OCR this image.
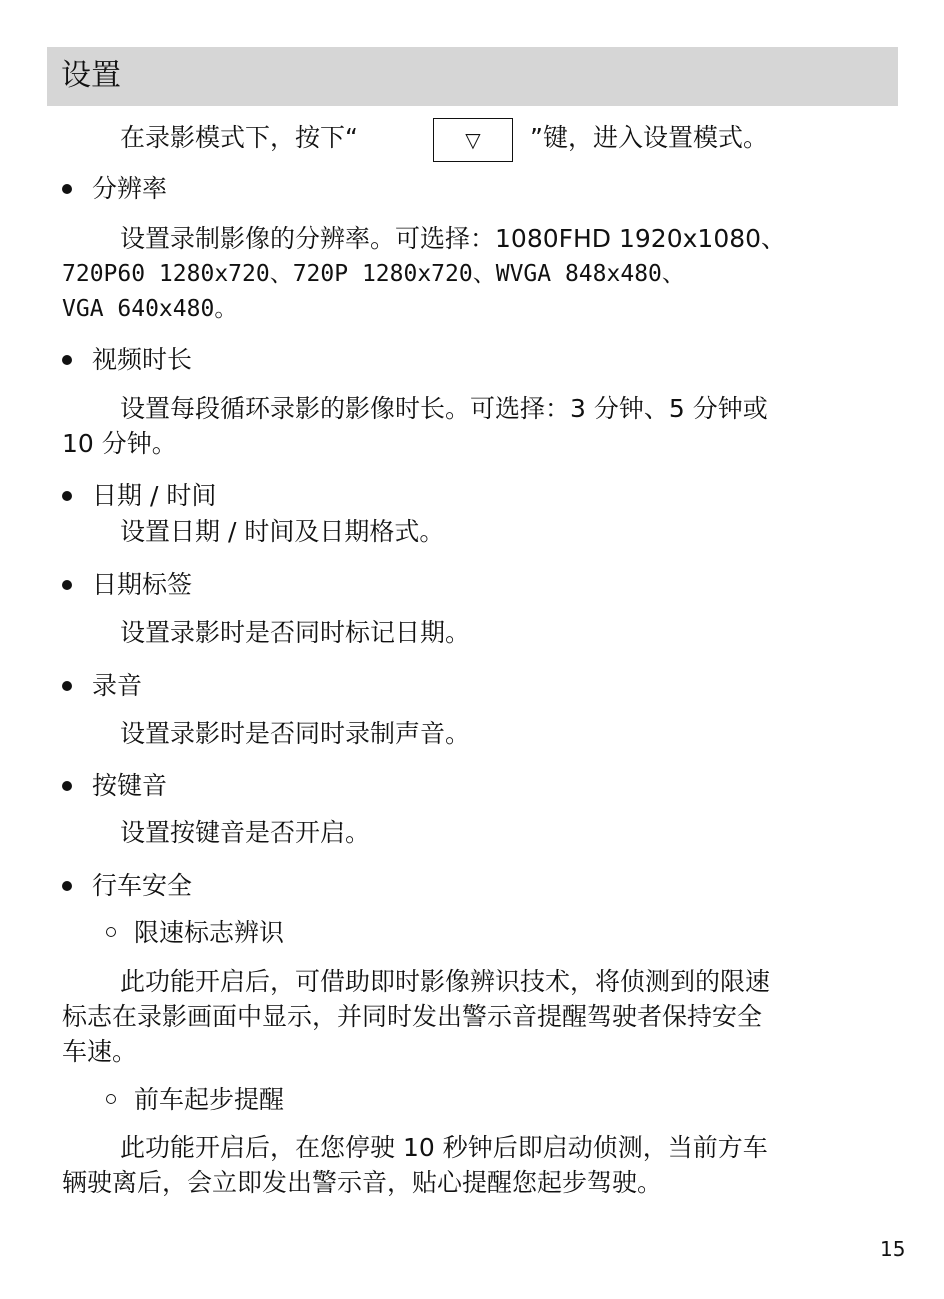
设置
在录影模式下，按下“	▽ ”键，进入设置模式。
分辨率
设置录制影像的分辨率。可选择：1080FHD 1920x1080、
720P60 1280x720、720P 1280x720、WVGA 848x480、
VGA 640x480。
视频时长
设置每段循环录影的影像时长。可选择：3 分钟、5 分钟或
10 分钟。
日期 / 时间
设置日期 / 时间及日期格式。
日期标签
设置录影时是否同时标记日期。
录音
设置录影时是否同时录制声音。
按键音
设置按键音是否开启。
行车安全
限速标志辨识
此功能开启后，可借助即时影像辨识技术，将侦测到的限速
标志在录影画面中显示，并同时发出警示音提醒驾驶者保持安全
车速。
前车起步提醒
此功能开启后，在您停驶 10 秒钟后即启动侦测，当前方车
辆驶离后，会立即发出警示音，贴心提醒您起步驾驶。
15
